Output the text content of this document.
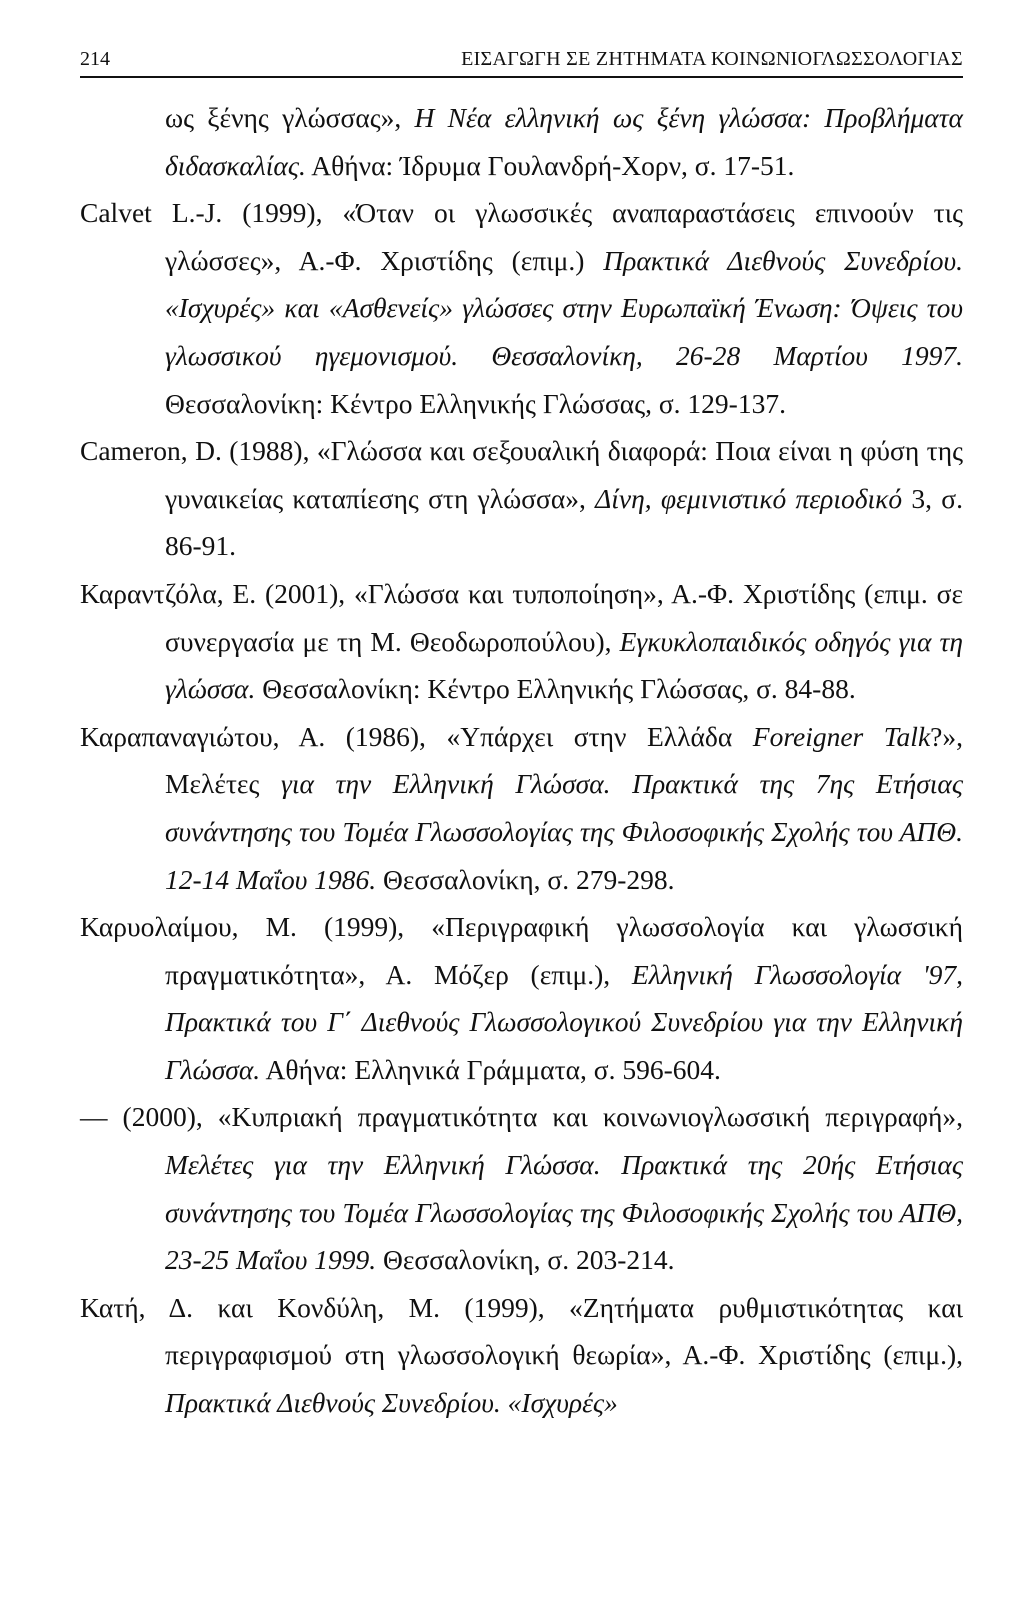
214	ΕΙΣΑΓΩΓΗ ΣΕ ΖΗΤΗΜΑΤΑ ΚΟΙΝΩΝΙΟΓΛΩΣΣΟΛΟΓΙΑΣ

ως ξένης γλώσσας», Η Νέα ελληνική ως ξένη γλώσσα: Προβλήματα διδασκαλίας. Αθήνα: Ίδρυμα Γουλανδρή-Χορν, σ. 17-51.

Calvet L.-J. (1999), «Όταν οι γλωσσικές αναπαραστάσεις επινοούν τις γλώσσες», Α.-Φ. Χριστίδης (επιμ.) Πρακτικά Διεθνούς Συνεδρίου. «Ισχυρές» και «Ασθενείς» γλώσσες στην Ευρωπαϊκή Ένωση: Όψεις του γλωσσικού ηγεμονισμού. Θεσσαλονίκη, 26-28 Μαρτίου 1997. Θεσσαλονίκη: Κέντρο Ελληνικής Γλώσσας, σ. 129-137.

Cameron, D. (1988), «Γλώσσα και σεξουαλική διαφορά: Ποια είναι η φύση της γυναικείας καταπίεσης στη γλώσσα», Δίνη, φεμινιστικό περιοδικό 3, σ. 86-91.

Καραντζόλα, Ε. (2001), «Γλώσσα και τυποποίηση», Α.-Φ. Χριστίδης (επιμ. σε συνεργασία με τη Μ. Θεοδωροπούλου), Εγκυκλοπαιδικός οδηγός για τη γλώσσα. Θεσσαλονίκη: Κέντρο Ελληνικής Γλώσσας, σ. 84-88.

Καραπαναγιώτου, Α. (1986), «Υπάρχει στην Ελλάδα Foreigner Talk?», Μελέτες για την Ελληνική Γλώσσα. Πρακτικά της 7ης Ετήσιας συνάντησης του Τομέα Γλωσσολογίας της Φιλοσοφικής Σχολής του ΑΠΘ. 12-14 Μαΐου 1986. Θεσσαλονίκη, σ. 279-298.

Καρυολαίμου, Μ. (1999), «Περιγραφική γλωσσολογία και γλωσσική πραγματικότητα», Α. Μόζερ (επιμ.), Ελληνική Γλωσσολογία '97, Πρακτικά του Γ΄ Διεθνούς Γλωσσολογικού Συνεδρίου για την Ελληνική Γλώσσα. Αθήνα: Ελληνικά Γράμματα, σ. 596-604.

— (2000), «Κυπριακή πραγματικότητα και κοινωνιογλωσσική περιγραφή», Μελέτες για την Ελληνική Γλώσσα. Πρακτικά της 20ής Ετήσιας συνάντησης του Τομέα Γλωσσολογίας της Φιλοσοφικής Σχολής του ΑΠΘ, 23-25 Μαΐου 1999. Θεσσαλονίκη, σ. 203-214.

Κατή, Δ. και Κονδύλη, Μ. (1999), «Ζητήματα ρυθμιστικότητας και περιγραφισμού στη γλωσσολογική θεωρία», Α.-Φ. Χριστίδης (επιμ.), Πρακτικά Διεθνούς Συνεδρίου. «Ισχυρές»
